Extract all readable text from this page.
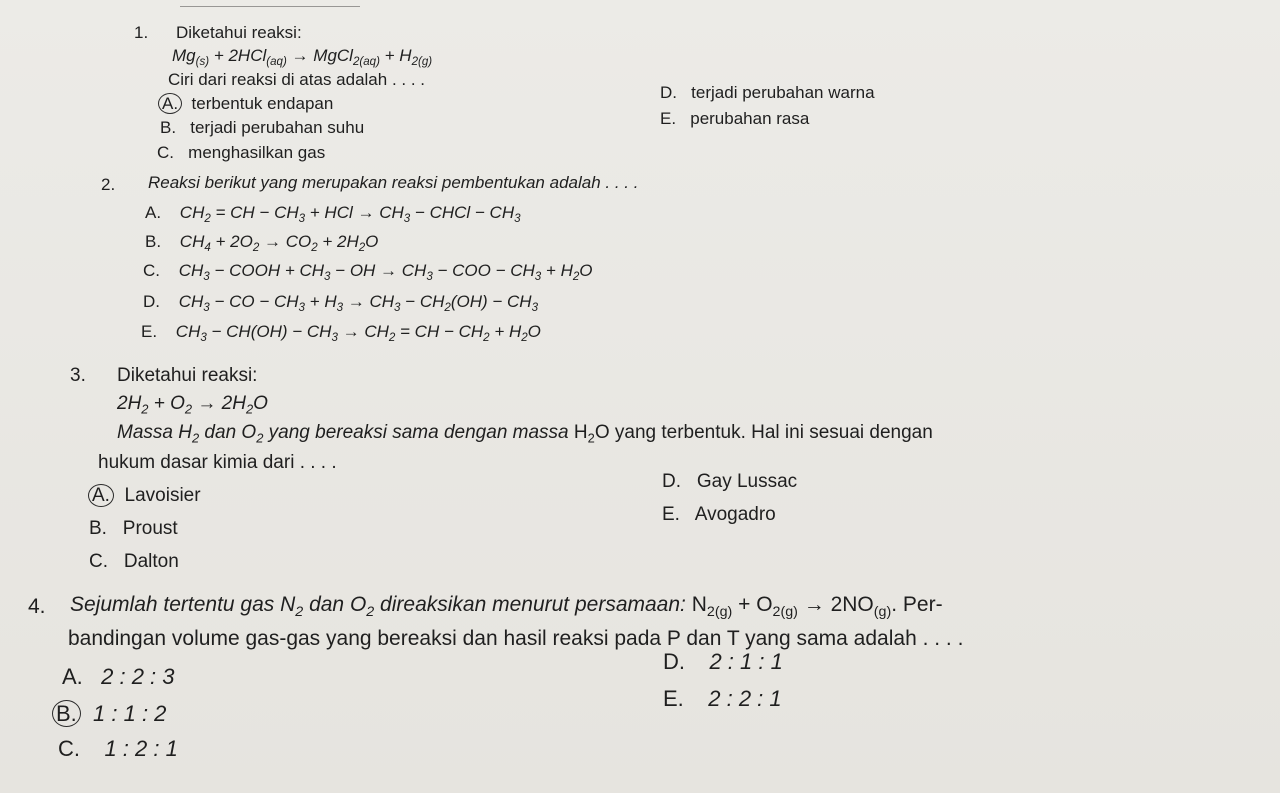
1. Diketahui reaksi:
$Mg_{(s)} + 2HCl_{(aq)}$ → MgCl$_{2(aq)}$ + $H_{2(g)}$
Ciri dari reaksi di atas adalah . . . .
A. terbentuk endapan
B. terjadi perubahan suhu
C. menghasilkan gas
D. terjadi perubahan warna
E. perubahan rasa
2. Reaksi berikut yang merupakan reaksi pembentukan adalah . . . .
A. $CH_2$ = CH − $CH_3$ + HCl → $CH_3$ − CHCl − $CH_3$
B. $CH_4 + 2O_2 \to CO_2 + 2H_2O$
C. $CH_3$ − COOH + $CH_3$ − OH → $CH_3$ − COO − $CH_3 + H_2O$
D. $CH_3$ − CO − $CH_3 + H_3 \to CH_3 - CH_2(OH) - CH_3$
E. $CH_3 - CH(OH) - CH_3 \to CH_2$ = CH − $CH_2 + H_2O$
3. Diketahui reaksi:
$2H_2 + O_2 \to 2H_2O$
Massa $H_2$ dan $O_2$ yang bereaksi sama dengan massa $H_2O$ yang terbentuk. Hal ini sesuai dengan
hukum dasar kimia dari . . . .
A. Lavoisier
B. Proust
C. Dalton
D. Gay Lussac
E. Avogadro
4. Sejumlah tertentu gas $N_2$ dan $O_2$ direaksikan menurut persamaan: $N_{2(g)} + O_{2(g)} \to 2NO_{(g)}$. Per-
bandingan volume gas-gas yang bereaksi dan hasil reaksi pada P dan T yang sama adalah . . . .
A. 2 : 2 : 3
B. 1 : 1 : 2
C. 1 : 2 : 1
D. 2 : 1 : 1
E. 2 : 2 : 1
